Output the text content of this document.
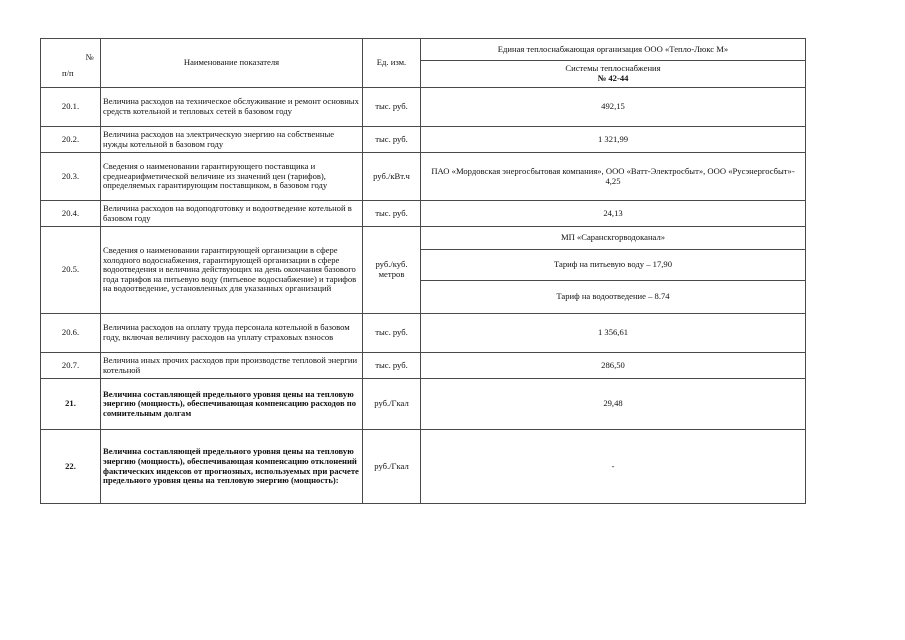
№
п/п	Наименование показателя	Ед. изм.	Единая теплоснабжающая организация ООО «Тепло-Люкс М»

			Системы теплоснабжения
№ 42-44

20.1.	Величина расходов на техническое обслуживание и ремонт основных средств котельной и тепловых сетей в базовом году	тыс. руб.	492,15
20.2.	Величина расходов на электрическую энергию на собственные нужды котельной в базовом году	тыс. руб.	1 321,99
20.3.	Сведения о наименовании гарантирующего поставщика и среднеарифметической величине из значений цен (тарифов), определяемых гарантирующим поставщиком, в базовом году	руб./кВт.ч	ПАО «Мордовская энергосбытовая компания», ООО «Ватт-Электросбыт», ООО «Русэнергосбыт»- 4,25
20.4.	Величина расходов на водоподготовку и водоотведение котельной в базовом году	тыс. руб.	24,13
20.5.	Сведения о наименовании гарантирующей организации в сфере холодного водоснабжения, гарантирующей организации в сфере водоотведения и величина действующих на день окончания базового года тарифов на питьевую воду (питьевое водоснабжение) и тарифов на водоотведение, установленных для указанных организаций	руб./куб. метров	МП «Саранскгорводоканал»
			Тариф на питьевую воду – 17,90
			Тариф на водоотведение – 8.74
20.6.	Величина расходов на оплату труда персонала котельной в базовом году, включая величину расходов на уплату страховых взносов	тыс. руб.	1 356,61
20.7.	Величина иных прочих расходов при производстве тепловой энергии котельной	тыс. руб.	286,50
21.	Величина составляющей предельного уровня цены на тепловую энергию (мощность), обеспечивающая компенсацию расходов по сомнительным долгам	руб./Гкал	29,48
22.	Величина составляющей предельного уровня цены на тепловую энергию (мощность), обеспечивающая компенсацию отклонений фактических индексов от прогнозных, используемых при расчете предельного уровня цены на тепловую энергию (мощность):	руб./Гкал	-
